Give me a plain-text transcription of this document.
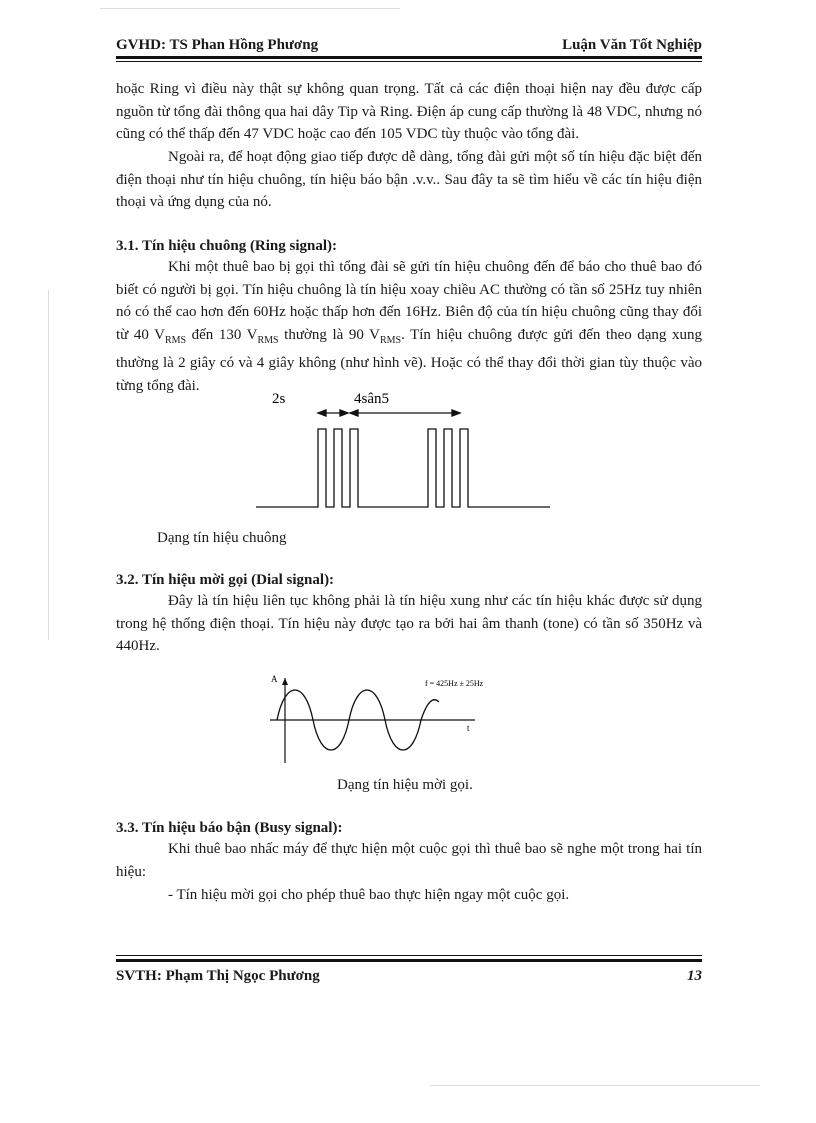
GVHD: TS Phan Hồng Phương	Luận Văn Tốt Nghiệp

hoặc Ring vì điều này thật sự không quan trọng. Tất cả các điện thoại hiện nay đều được cấp nguồn từ tổng đài thông qua hai dây Tip và Ring. Điện áp cung cấp thường là 48 VDC, nhưng nó cũng có thể thấp đến 47 VDC hoặc cao đến 105 VDC tùy thuộc vào tổng đài.

Ngoài ra, để hoạt động giao tiếp được dễ dàng, tổng đài gửi một số tín hiệu đặc biệt đến điện thoại như tín hiệu chuông, tín hiệu báo bận .v.v.. Sau đây ta sẽ tìm hiểu về các tín hiệu điện thoại và ứng dụng của nó.

3.1. Tín hiệu chuông (Ring signal):

Khi một thuê bao bị gọi thì tổng đài sẽ gửi tín hiệu chuông đến để báo cho thuê bao đó biết có người bị gọi. Tín hiệu chuông là tín hiệu xoay chiều AC thường có tần số 25Hz tuy nhiên nó có thể cao hơn đến 60Hz hoặc thấp hơn đến 16Hz. Biên độ của tín hiệu chuông cũng thay đổi từ 40 $V_{RMS}$ đến 130 $V_{RMS}$ thường là 90 $V_{RMS}$. Tín hiệu chuông được gửi đến theo dạng xung thường là 2 giây có và 4 giây không (như hình vẽ). Hoặc có thể thay đổi thời gian tùy thuộc vào từng tổng đài.

2s	4sân5
Dạng tín hiệu chuông

3.2. Tín hiệu mời gọi (Dial signal):

Đây là tín hiệu liên tục không phải là tín hiệu xung như các tín hiệu khác được sử dụng trong hệ thống điện thoại. Tín hiệu này được tạo ra bởi hai âm thanh (tone) có tần số 350Hz và 440Hz.

A
t
f = 425Hz ± 25Hz
Dạng tín hiệu mời gọi.

3.3. Tín hiệu báo bận (Busy signal):

Khi thuê bao nhấc máy để thực hiện một cuộc gọi thì thuê bao sẽ nghe một trong hai tín hiệu:

- Tín hiệu mời gọi cho phép thuê bao thực hiện ngay một cuộc gọi.

SVTH: Phạm Thị Ngọc Phương	13
